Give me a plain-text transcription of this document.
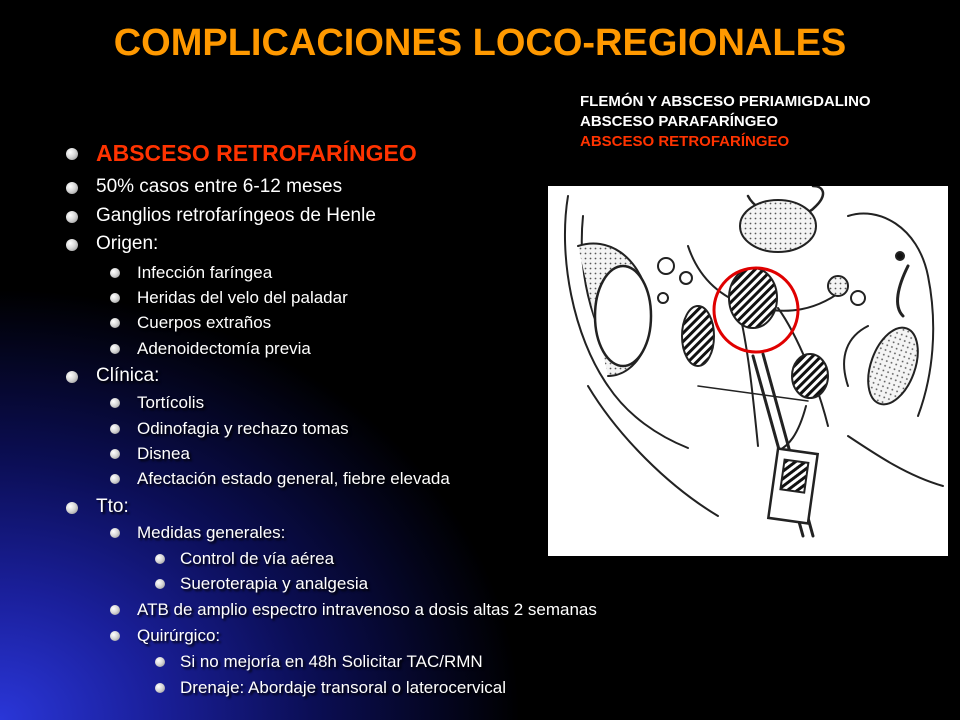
COMPLICACIONES LOCO-REGIONALES
FLEMÓN Y ABSCESO PERIAMIGDALINO
ABSCESO PARAFARÍNGEO
ABSCESO RETROFARÍNGEO
ABSCESO RETROFARÍNGEO
50% casos entre 6-12 meses
Ganglios retrofaríngeos de Henle
Origen:
Infección faríngea
Heridas del velo del paladar
Cuerpos extraños
Adenoidectomía previa
Clínica:
Tortícolis
Odinofagia y rechazo tomas
Disnea
Afectación estado general, fiebre elevada
Tto:
Medidas generales:
Control de vía aérea
Sueroterapia y analgesia
ATB de amplio espectro intravenoso a dosis altas 2 semanas
Quirúrgico:
Si no mejoría en 48h Solicitar TAC/RMN
Drenaje: Abordaje transoral o laterocervical
